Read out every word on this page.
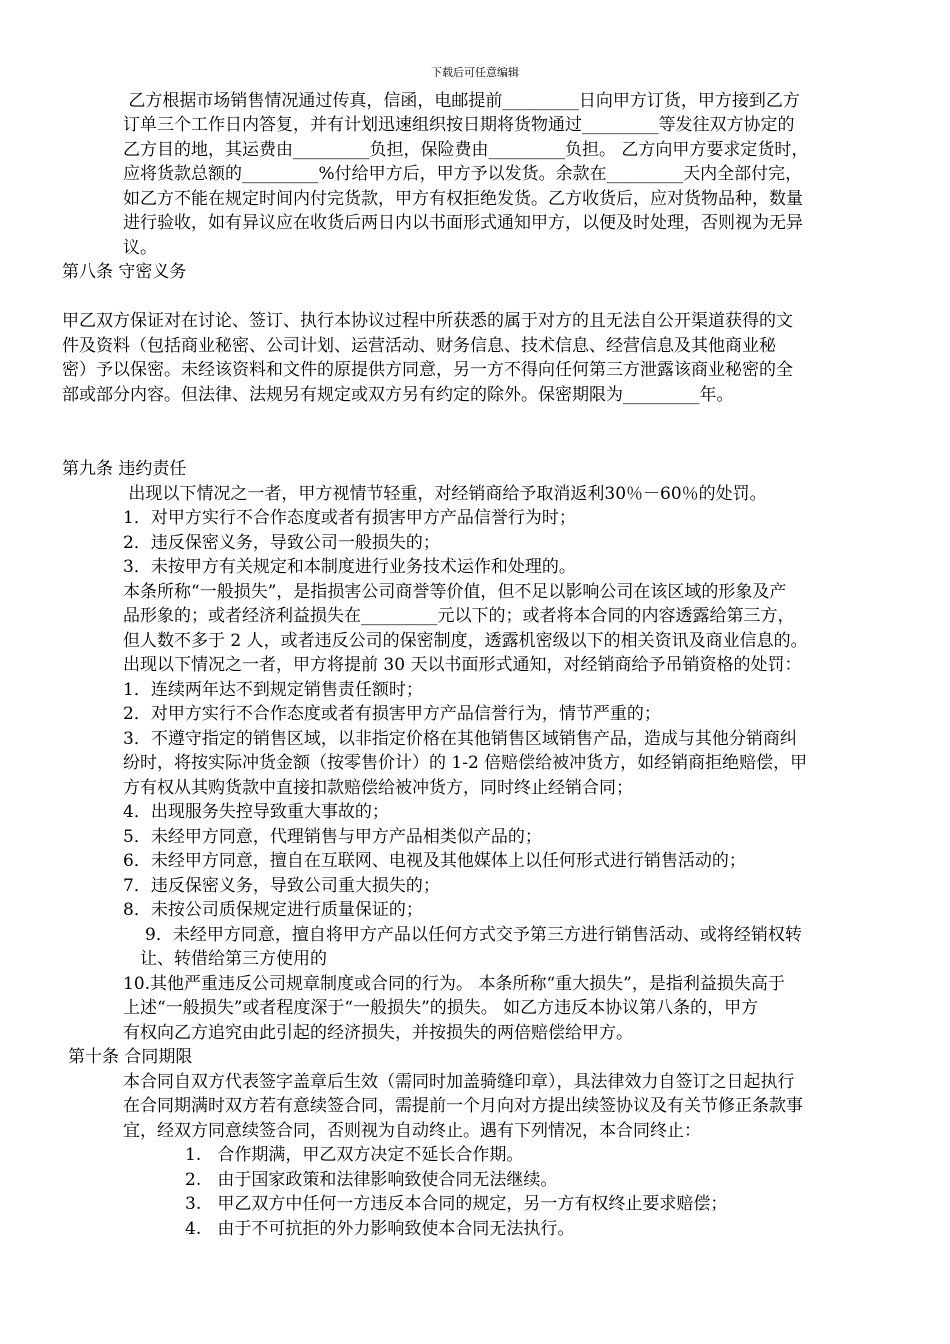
下载后可任意编辑
乙方根据市场销售情况通过传真，信函，电邮提前_________日向甲方订货，甲方接到乙方
订单三个工作日内答复，并有计划迅速组织按日期将货物通过_________等发往双方协定的
乙方目的地，其运费由_________负担，保险费由_________负担。 乙方向甲方要求定货时，
应将货款总额的_________%付给甲方后，甲方予以发货。余款在_________天内全部付完，
如乙方不能在规定时间内付完货款，甲方有权拒绝发货。乙方收货后，应对货物品种，数量
进行验收，如有异议应在收货后两日内以书面形式通知甲方，以便及时处理，否则视为无异
议。
第八条 守密义务
甲乙双方保证对在讨论、签订、执行本协议过程中所获悉的属于对方的且无法自公开渠道获得的文
件及资料（包括商业秘密、公司计划、运营活动、财务信息、技术信息、经营信息及其他商业秘
密）予以保密。未经该资料和文件的原提供方同意，另一方不得向任何第三方泄露该商业秘密的全
部或部分内容。但法律、法规另有规定或双方另有约定的除外。保密期限为_________年。
第九条 违约责任
出现以下情况之一者，甲方视情节轻重，对经销商给予取消返利30％－60％的处罚。
1．对甲方实行不合作态度或者有损害甲方产品信誉行为时；
2．违反保密义务，导致公司一般损失的；
3．未按甲方有关规定和本制度进行业务技术运作和处理的。
本条所称“一般损失”，是指损害公司商誉等价值，但不足以影响公司在该区域的形象及产
品形象的；或者经济利益损失在_________元以下的；或者将本合同的内容透露给第三方，
但人数不多于 2 人，或者违反公司的保密制度，透露机密级以下的相关资讯及商业信息的。
出现以下情况之一者，甲方将提前 30 天以书面形式通知，对经销商给予吊销资格的处罚：
1．连续两年达不到规定销售责任额时；
2．对甲方实行不合作态度或者有损害甲方产品信誉行为，情节严重的；
3．不遵守指定的销售区域，以非指定价格在其他销售区域销售产品，造成与其他分销商纠
纷时，将按实际冲货金额（按零售价计）的 1-2 倍赔偿给被冲货方，如经销商拒绝赔偿，甲
方有权从其购货款中直接扣款赔偿给被冲货方，同时终止经销合同；
4．出现服务失控导致重大事故的；
5．未经甲方同意，代理销售与甲方产品相类似产品的；
6．未经甲方同意，擅自在互联网、电视及其他媒体上以任何形式进行销售活动的；
7．违反保密义务，导致公司重大损失的；
8．未按公司质保规定进行质量保证的；
9．未经甲方同意，擅自将甲方产品以任何方式交予第三方进行销售活动、或将经销权转
让、转借给第三方使用的
10.其他严重违反公司规章制度或合同的行为。 本条所称“重大损失”，是指利益损失高于
上述“一般损失”或者程度深于“一般损失”的损失。 如乙方违反本协议第八条的，甲方
有权向乙方追究由此引起的经济损失，并按损失的两倍赔偿给甲方。
第十条 合同期限
本合同自双方代表签字盖章后生效（需同时加盖骑缝印章），具法律效力自签订之日起执行
在合同期满时双方若有意续签合同，需提前一个月向对方提出续签协议及有关节修正条款事
宜，经双方同意续签合同，否则视为自动终止。遇有下列情况，本合同终止：
1.   合作期满，甲乙双方决定不延长合作期。
2.   由于国家政策和法律影响致使合同无法继续。
3.   甲乙双方中任何一方违反本合同的规定，另一方有权终止要求赔偿；
4.   由于不可抗拒的外力影响致使本合同无法执行。
